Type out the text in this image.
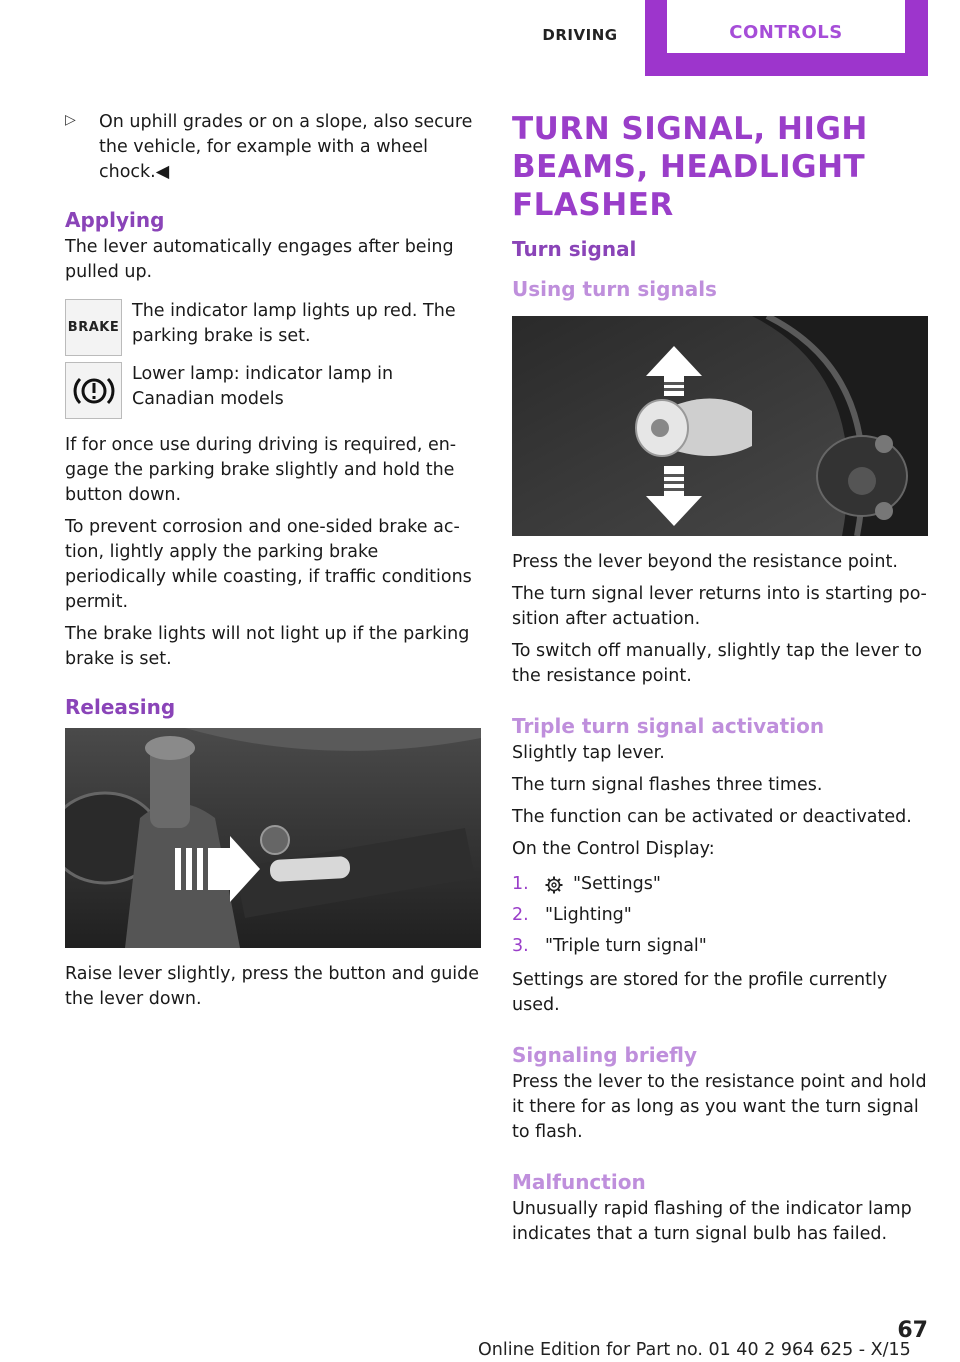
DRIVING	CONTROLS
▷	On uphill grades or on a slope, also secure the vehicle, for example with a wheel chock.◀
Applying

The lever automatically engages after being pulled up.

BRAKE
The indicator lamp lights up red. The parking brake is set.
Lower lamp: indicator lamp in Canadian models

If for once use during driving is required, en‐gage the parking brake slightly and hold the button down.

To prevent corrosion and one-sided brake ac‐tion, lightly apply the parking brake periodically while coasting, if traffic conditions permit.

The brake lights will not light up if the parking brake is set.

Releasing

Raise lever slightly, press the button and guide the lever down.

TURN SIGNAL, HIGH BEAMS, HEADLIGHT FLASHER
Turn signal
Using turn signals

Press the lever beyond the resistance point.

The turn signal lever returns into is starting po‐sition after actuation.

To switch off manually, slightly tap the lever to the resistance point.

Triple turn signal activation

Slightly tap lever.

The turn signal flashes three times.

The function can be activated or deactivated.

On the Control Display:

1.	"Settings"
2. "Lighting"
3. "Triple turn signal"

Settings are stored for the profile currently used.

Signaling briefly

Press the lever to the resistance point and hold it there for as long as you want the turn signal to flash.

Malfunction

Unusually rapid flashing of the indicator lamp indicates that a turn signal bulb has failed.

67
Online Edition for Part no. 01 40 2 964 625 - X/15
